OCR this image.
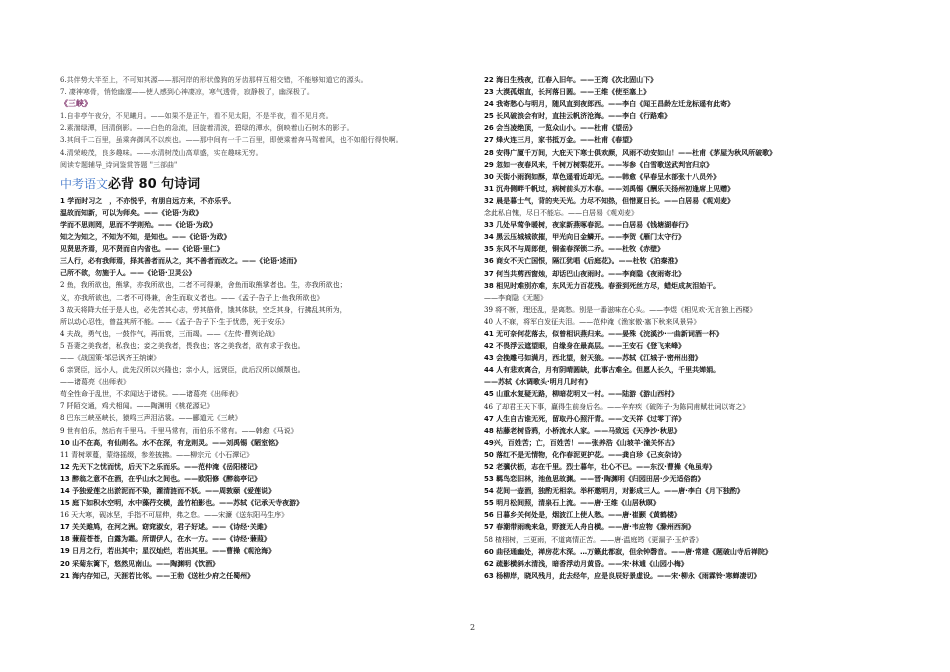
6.共伴势大半至上，不可知其源——那河岸的形状像狗的牙齿那样互相交错，不能够知道它的源头。
7. 凄神寒骨，悄怆幽邃——使人感到心神凄凉，寒气透骨，寂静极了，幽深极了。
《三峡》
1.自非亭午夜分，不见曦月。——如果不是正午，看不见太阳，不是半夜，看不见月亮。
2.素湍绿潭，回清倒影。——白色的急流，回旋着清波，碧绿的潭水，倒映着山石树木的影子。
3.其间千二百里，虽乘奔御风不以疾也。——那中间有一千二百里，即使乘着奔马驾着风，也不如船行得快啊。
4.清荣峻茂，良多趣味。——水清树茂山高草盛，实在趣味无穷。
阅读专题辅导_诗词鉴赏答题 "三部曲"
中考语文必背 80 句诗词
1 学而时习之　，不亦悦乎，有朋自远方来，不亦乐乎。
温故而知新，可以为师矣。——《论语·为政》
学而不思则罔，思而不学则殆。——《论语·为政》
知之为知之，不知为不知，是知也。——《论语·为政》
见贤思齐焉，见不贤而自内省也。——《论语·里仁》
三人行，必有我师焉，择其善者而从之，其不善者而改之。——《论语·述而》
己所不欲，勿施于人。——《论语·卫灵公》
2 鱼，我所欲也，熊掌，亦我所欲也，二者不可得兼，舍鱼而取熊掌者也。生，亦我所欲也；
义，亦我所欲也，二者不可得兼，舍生而取义者也。——《孟子·告子上·鱼我所欲也》
3 故天将降大任于是人也，必先苦其心志，劳其筋骨，饿其体肤，空乏其身，行拂乱其所为，
所以动心忍性，曾益其所不能。——《孟子·告子下·生于忧患，死于安乐》
4 夫战，勇气也，一鼓作气，再而衰，三而竭。——《左传·曹刿论战》
5 吾妻之美我者，私我也；妾之美我者，畏我也；客之美我者，欲有求于我也。
——《战国策·邹忌讽齐王纳谏》
6 亲贤臣，远小人，此先汉所以兴隆也；亲小人，远贤臣，此后汉所以倾颓也。
——诸葛亮《出师表》
苟全性命于乱世，不求闻达于诸侯。——诸葛亮《出师表》
7 阡陌交通，鸡犬相闻。——陶渊明《桃花源记》
8 巴东三峡巫峡长，猿鸣三声泪沾裳。——郦道元《三峡》
9 世有伯乐，然后有千里马。千里马常有，而伯乐不常有。——韩愈《马说》
10 山不在高，有仙则名。水不在深，有龙则灵。——刘禹锡《陋室铭》
11 青树翠蔓，蒙络摇缀，参差披拂。——柳宗元《小石潭记》
12 先天下之忧而忧，后天下之乐而乐。——范仲淹《岳阳楼记》
13 醉翁之意不在酒，在乎山水之间也。——欧阳修《醉翁亭记》
14 予独爱莲之出淤泥而不染，濯清涟而不妖。——周敦颐《爱莲说》
15 庭下如积水空明，水中藻荇交横，盖竹柏影也。——苏轼《记承天寺夜游》
16 天大寒，砚冰坚，手指不可屈伸，弗之怠。——宋濂《送东阳马生序》
17 关关雎鸠，在河之洲。窈窕淑女，君子好逑。——《诗经·关雎》
18 蒹葭苍苍，白露为霜。所谓伊人，在水一方。——《诗经·蒹葭》
19 日月之行，若出其中；星汉灿烂，若出其里。——曹操《观沧海》
20 采菊东篱下，悠然见南山。——陶渊明《饮酒》
21 海内存知己，天涯若比邻。——王勃《送杜少府之任蜀州》
22 海日生残夜，江春入旧年。——王湾《次北固山下》
23 大漠孤烟直，长河落日圆。——王维《使至塞上》
24 我寄愁心与明月，随风直到夜郎西。——李白《闻王昌龄左迁龙标遥有此寄》
25 长风破浪会有时，直挂云帆济沧海。——李白《行路难》
26 会当凌绝顶，一览众山小。——杜甫《望岳》
27 烽火连三月，家书抵万金。——杜甫《春望》
28 安得广厦千万间，大庇天下寒士俱欢颜，风雨不动安如山！——杜甫《茅屋为秋风所破歌》
29 忽如一夜春风来，千树万树梨花开。——岑参《白雪歌送武判官归京》
30 天街小雨润如酥，草色遥看近却无。——韩愈《早春呈水部张十八员外》
31 沉舟侧畔千帆过，病树前头万木春。——刘禹锡《酬乐天扬州初逢席上见赠》
32 晨是暮士气，背的夹天光。力尽不知热，但惜夏日长。——白居易《观刈麦》
念此私自愧，尽日不能忘。——白居易《观刈麦》
33 几处早莺争暖树，夜家新燕啄春泥。——白居易《钱塘湖春行》
34 黑云压城城欲摧，甲光向日金鳞开。——李贺《雁门太守行》
35 东风不与周郎便，铜雀春深锁二乔。——杜牧《赤壁》
36 商女不天亡国恨，隔江犹唱《后庭花》。——杜牧《泊秦淮》
37 何当共剪西窗烛，却话巴山夜雨时。——李商隐《夜雨寄北》
38 相见时难别亦难，东风无力百花残。春蚕到死丝方尽，蜡炬成灰泪始干。
——李商隐《无题》
39 将不断，理还乱，是离愁。别是一番滋味在心头。——李煜《相见欢·无言独上西楼》
40 人不寐，将军白发征夫泪。——范仲淹《渔家傲·塞下秋来风景异》
41 无可奈何花落去，似曾相识燕归来。——晏殊《浣溪沙·一曲新词酒一杯》
42 不畏浮云遮望眼，自缘身在最高层。——王安石《登飞来峰》
43 会挽雕弓如满月，西北望，射天狼。——苏轼《江城子·密州出猎》
44 人有悲欢离合，月有阴晴圆缺，此事古难全。但愿人长久，千里共婵娟。
——苏轼《水调歌头·明月几时有》
45 山重水复疑无路，柳暗花明又一村。——陆游《游山西村》
46 了却君王天下事，赢得生前身后名。——辛弃疾《破阵子·为陈同甫赋壮词以寄之》
47 人生自古谁无死，留取丹心照汗青。——文天祥《过零丁洋》
48 枯藤老树昏鸦，小桥流水人家。——马致远《天净沙·秋思》
49兴，百姓苦；亡，百姓苦！——张养浩《山坡羊·潼关怀古》
50 落红不是无情物，化作春泥更护花。——龚自珍《己亥杂诗》
52 老骥伏枥，志在千里。烈士暮年，壮心不已。——东汉·曹操《龟虽寿》
53 羁鸟恋旧林，池鱼思故渊。——晋·陶渊明《归园田居·少无适俗韵》
54 花间一壶酒，独酌无相亲。举杯邀明月，对影成三人。——唐·李白《月下独酌》
55 明月松间照，清泉石上流。——唐·王维《山居秋暝》
56 日暮乡关何处是，烟波江上使人愁。——唐·崔颢《黄鹤楼》
57 春潮带雨晚来急，野渡无人舟自横。——唐·韦应物《滁州西涧》
58 楂栩树，三更雨，不道离情正苦。——唐·温庭筠《更漏子·玉炉香》
60 曲径通幽处，禅房花木深。…万籁此都寂，但余钟磬音。——唐·常建《题破山寺后禅院》
62 疏影横斜水清浅，暗香浮动月黄昏。——宋·林逋《山园小梅》
63 杨柳岸，晓风残月，此去经年，应是良辰好景虚设。——宋·柳永《雨霖铃·寒蝉凄切》
2
